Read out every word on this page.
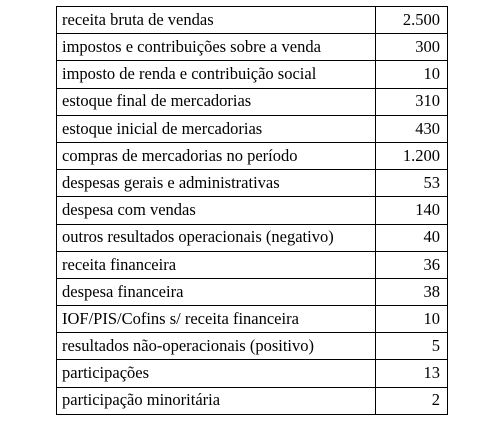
receita bruta de vendas	2.500
impostos e contribuições sobre a venda	300
imposto de renda e contribuição social	10
estoque final de mercadorias	310
estoque inicial de mercadorias	430
compras de mercadorias no período	1.200
despesas gerais e administrativas	53
despesa com vendas	140
outros resultados operacionais (negativo)	40
receita financeira	36
despesa financeira	38
IOF/PIS/Cofins s/ receita financeira	10
resultados não-operacionais (positivo)	5
participações	13
participação minoritária	2
